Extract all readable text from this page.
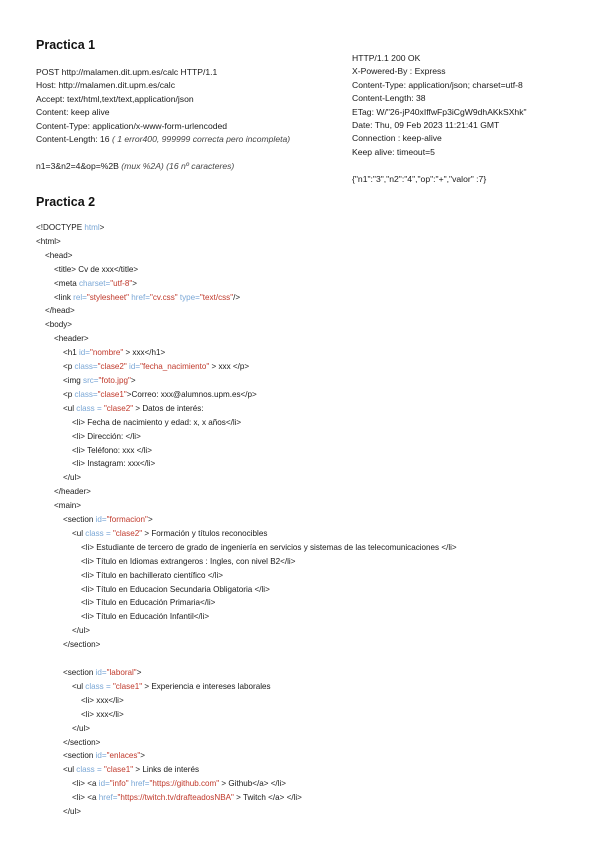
Practica 1
POST http://malamen.dit.upm.es/calc HTTP/1.1
Host: http://malamen.dit.upm.es/calc
Accept: text/html,text/text,application/json
Content: keep alive
Content-Type: application/x-www-form-urlencoded
Content-Length: 16 ( 1 error400, 999999 correcta pero incompleta)
n1=3&n2=4&op=%2B (mux %2A) (16 nº caracteres)
HTTP/1.1 200 OK
X-Powered-By : Express
Content-Type: application/json; charset=utf-8
Content-Length: 38
ETag: W/"26-jP40xIffwFp3iCgW9dhAKkSXhk"
Date: Thu, 09 Feb 2023 11:21:41 GMT
Connection : keep-alive
Keep alive: timeout=5
{"n1":"3","n2":"4","op":"+","valor" :7}
Practica 2
<!DOCTYPE html>
<html>
<head>
<title> Cv de xxx</title>
<meta charset="utf-8">
<link rel="stylesheet" href="cv.css" type="text/css"/>
</head>
<body>
<header>
<h1 id="nombre" > xxx</h1>
<p class="clase2" id="fecha_nacimiento" > xxx </p>
<img src="foto.jpg">
<p class="clase1">Correo: xxx@alumnos.upm.es</p>
<ul class = "clase2" > Datos de interés:
<li> Fecha de nacimiento y edad: x, x años</li>
<li> Dirección: </li>
<li> Teléfono: xxx </li>
<li> Instagram: xxx</li>
</ul>
</header>
<main>
<section id="formacion">
<ul class = "clase2" > Formación y títulos reconocibles
<li> Estudiante de tercero de grado de ingeniería en servicios y sistemas de las telecomunicaciones </li>
<li> Título en Idiomas extrangeros : Ingles, con nivel B2</li>
<li> Título en bachillerato científico </li>
<li> Título en Educacion Secundaria Obligatoria </li>
<li> Título en Educación Primaria</li>
<li> Título en Educación Infantil</li>
</ul>
</section>

<section id="laboral">
<ul class = "clase1" > Experiencia e intereses laborales
<li> xxx</li>
<li> xxx</li>
</ul>
</section>
<section id="enlaces">
<ul class = "clase1" > Links de interés
<li> <a id="info" href="https://github.com" > Github</a> </li>
<li> <a href="https://twitch.tv/drafteadosNBA" > Twitch </a> </li>
</ul>
